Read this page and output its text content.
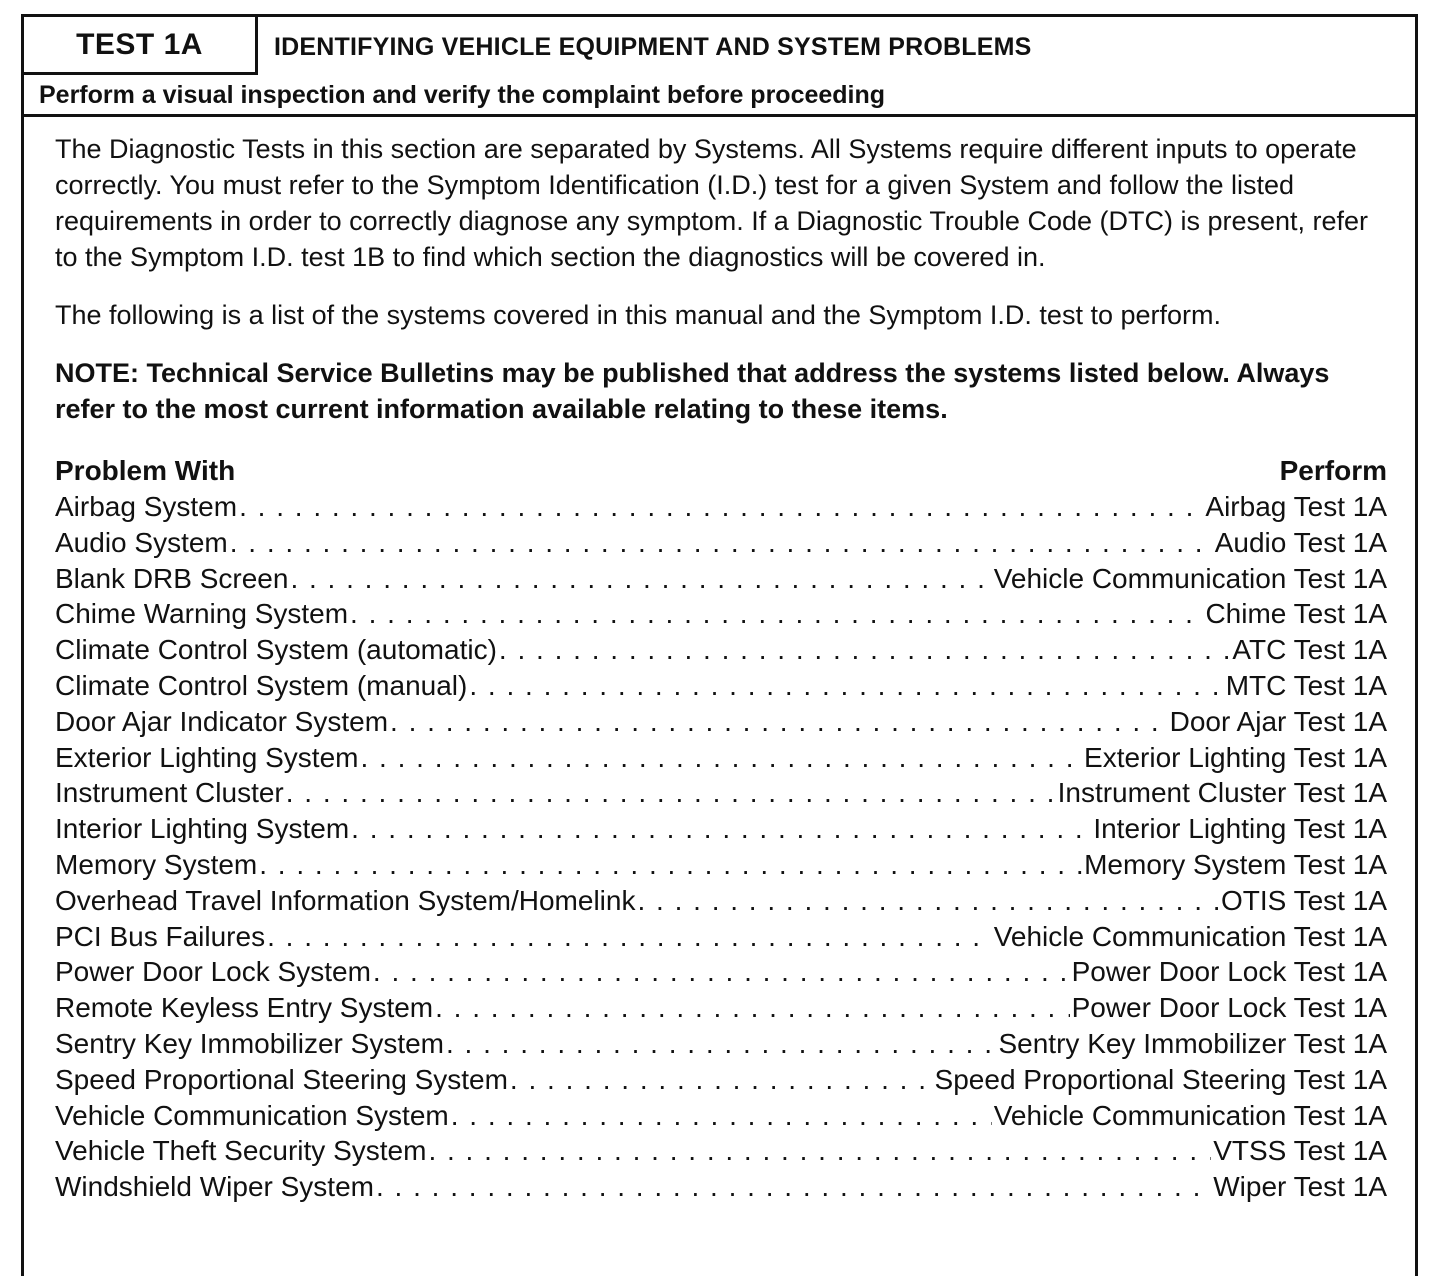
TEST 1A	IDENTIFYING VEHICLE EQUIPMENT AND SYSTEM PROBLEMS
Perform a visual inspection and verify the complaint before proceeding

The Diagnostic Tests in this section are separated by Systems. All Systems require different inputs to operate correctly. You must refer to the Symptom Identification (I.D.) test for a given System and follow the listed requirements in order to correctly diagnose any symptom. If a Diagnostic Trouble Code (DTC) is present, refer to the Symptom I.D. test 1B to find which section the diagnostics will be covered in.

The following is a list of the systems covered in this manual and the Symptom I.D. test to perform.

NOTE: Technical Service Bulletins may be published that address the systems listed below. Always refer to the most current information available relating to these items.

Problem With	Perform
Airbag System . . .	Airbag Test 1A
Audio System . . .	Audio Test 1A
Blank DRB Screen . . .	Vehicle Communication Test 1A
Chime Warning System . . .	Chime Test 1A
Climate Control System (automatic) . . .	ATC Test 1A
Climate Control System (manual) . . .	MTC Test 1A
Door Ajar Indicator System . . .	Door Ajar Test 1A
Exterior Lighting System . . .	Exterior Lighting Test 1A
Instrument Cluster . . .	Instrument Cluster Test 1A
Interior Lighting System . . .	Interior Lighting Test 1A
Memory System . . .	Memory System Test 1A
Overhead Travel Information System/Homelink . . .	OTIS Test 1A
PCI Bus Failures . . .	Vehicle Communication Test 1A
Power Door Lock System . . .	Power Door Lock Test 1A
Remote Keyless Entry System . . .	Power Door Lock Test 1A
Sentry Key Immobilizer System . . .	Sentry Key Immobilizer Test 1A
Speed Proportional Steering System . . .	Speed Proportional Steering Test 1A
Vehicle Communication System . . .	Vehicle Communication Test 1A
Vehicle Theft Security System . . .	VTSS Test 1A
Windshield Wiper System . . .	Wiper Test 1A
